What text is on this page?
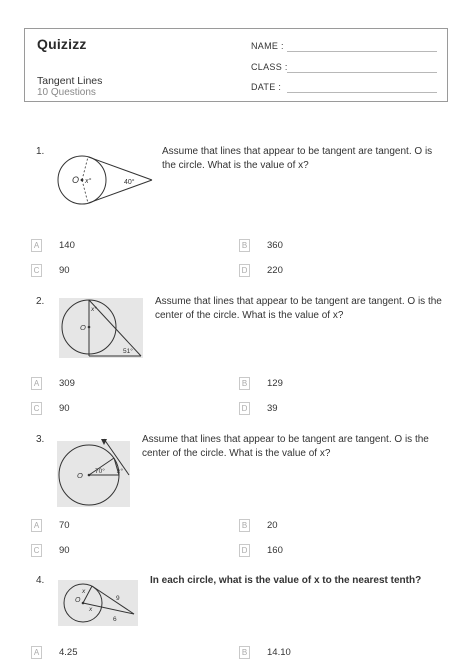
Quizizz
Tangent Lines
10 Questions
NAME :
CLASS :
DATE :
1.	Assume that lines that appear to be tangent are tangent. O is the circle. What is the value of x?
O x°	40°
A 140	B 360
C 90	D 220
2.	Assume that lines that appear to be tangent are tangent. O is the center of the circle. What is the value of x?
O
x°
51°
A 309	B 129
C 90	D 39
3.	Assume that lines that appear to be tangent are tangent. O is the center of the circle. What is the value of x?
O 70° x°
A 70	B 20
C 90	D 160
4.	In each circle, what is the value of x to the nearest tenth?
O
x
x
9
6
A 4.25	B 14.10
